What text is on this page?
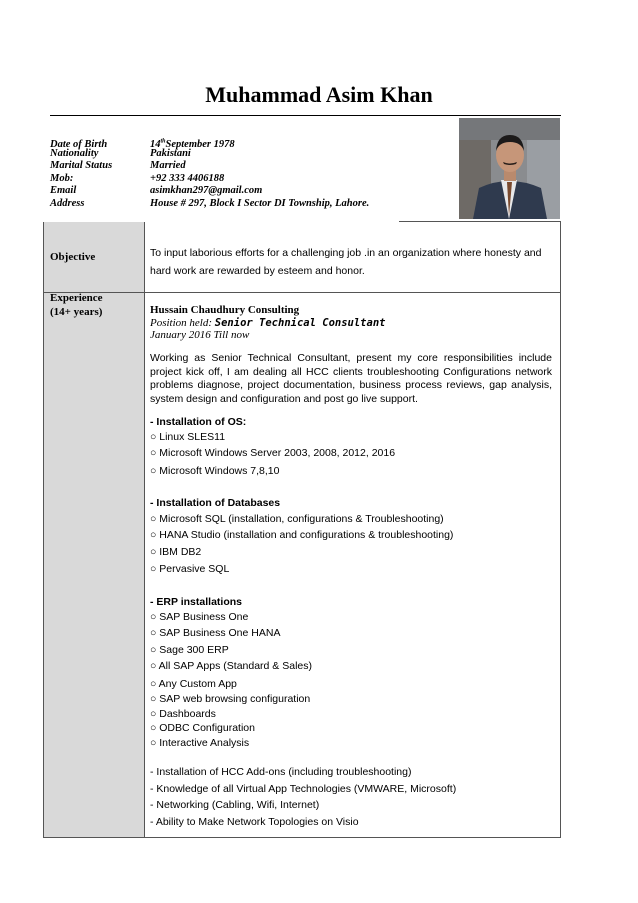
Muhammad Asim Khan
Date of Birth	14thSeptember 1978
Nationality	Pakistani
Marital Status	Married
Mob:	+92 333 4406188
Email	asimkhan297@gmail.com
Address	House # 297, Block I Sector DI Township, Lahore.
Objective	To input laborious efforts for a challenging job .in an organization where honesty and hard work are rewarded by esteem and honor.
Experience
(14+ years)	Hussain Chaudhury Consulting
Position held: Senior Technical Consultant
January 2016 Till now
Working as Senior Technical Consultant, present my core responsibilities include project kick off, I am dealing all HCC clients troubleshooting Configurations network problems diagnose, project documentation, business process reviews, gap analysis, system design and configuration and post go live support.
- Installation of OS:
○ Linux SLES11
○ Microsoft Windows Server 2003, 2008, 2012, 2016
○ Microsoft Windows 7,8,10
- Installation of Databases
○ Microsoft SQL (installation, configurations & Troubleshooting)
○ HANA Studio (installation and configurations & troubleshooting)
○ IBM DB2
○ Pervasive SQL
- ERP installations
○ SAP Business One
○ SAP Business One HANA
○ Sage 300 ERP
○ All SAP Apps (Standard & Sales)
○ Any Custom App
○ SAP web browsing configuration
○ Dashboards
○ ODBC Configuration
○ Interactive Analysis
- Installation of HCC Add-ons (including troubleshooting)
- Knowledge of all Virtual App Technologies (VMWARE, Microsoft)
- Networking (Cabling, Wifi, Internet)
- Ability to Make Network Topologies on Visio
